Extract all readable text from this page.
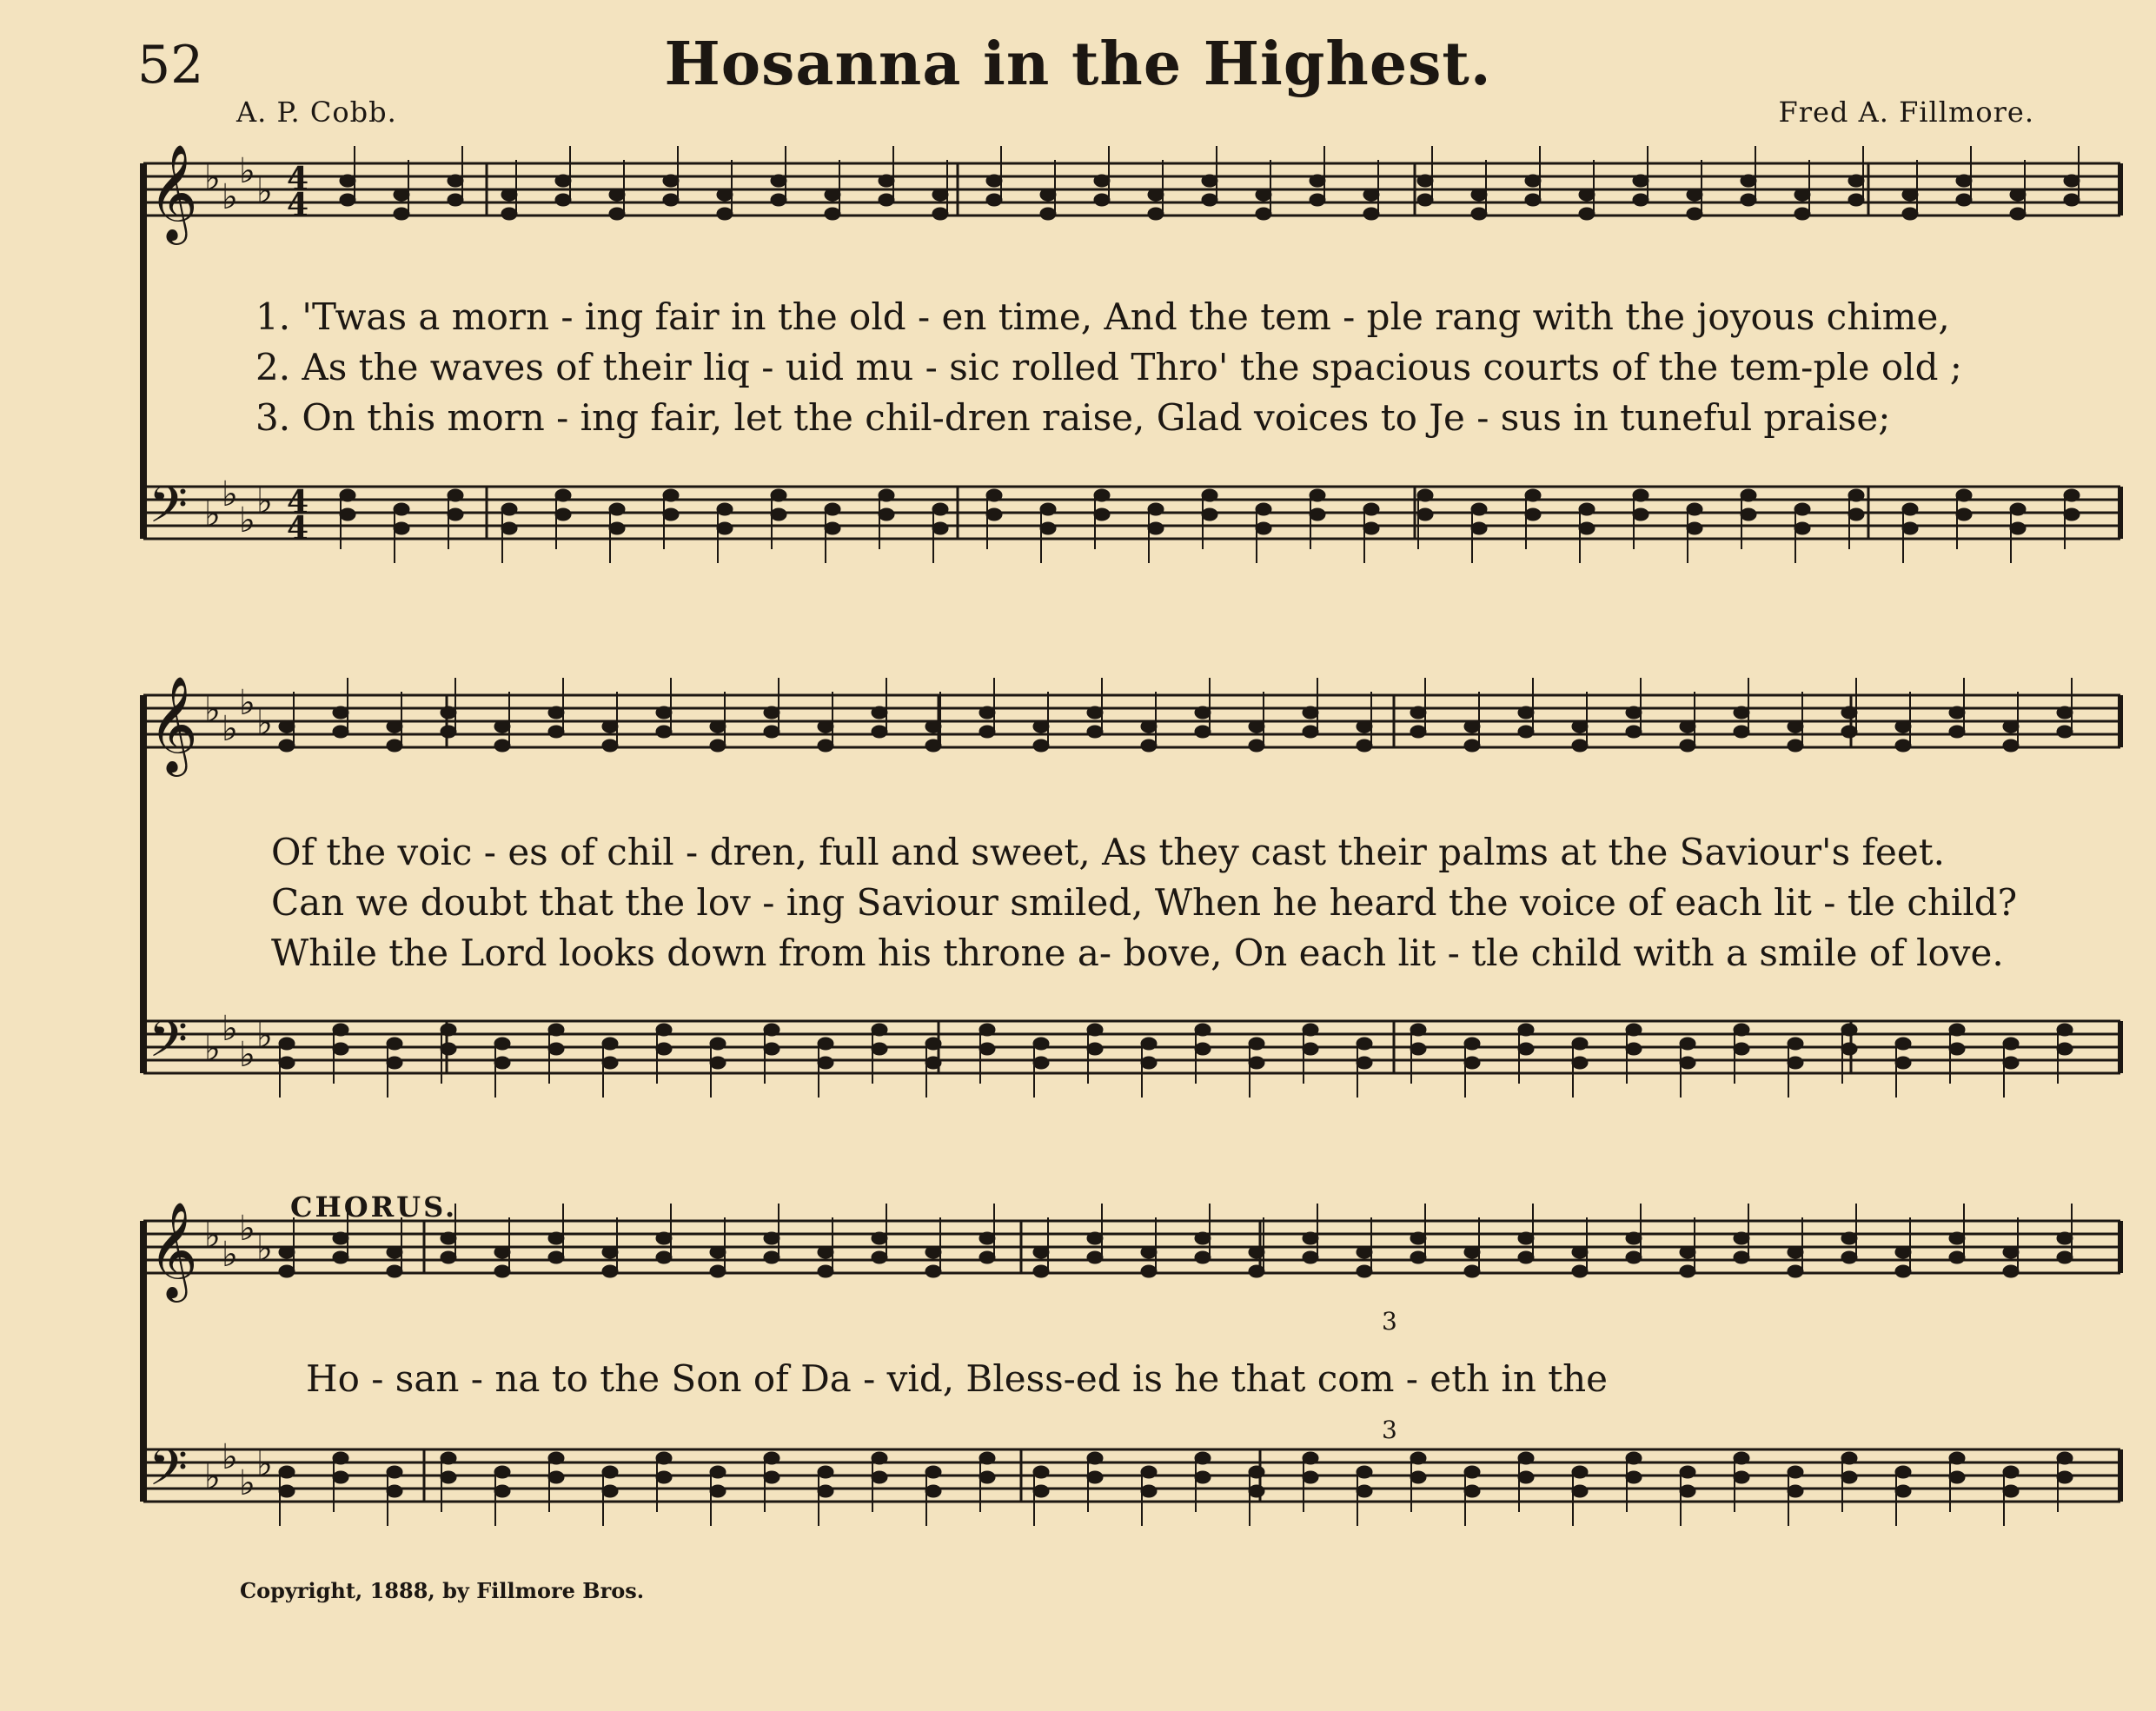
52	Hosanna in the Highest.
A. P. Cobb.	Fred A. Fillmore.
𝄞 ♭ ♭
♭ ♭ 4
4
𝄢 ♭ ♭
♭ ♭ 4
4
𝄞 ♭ ♭
♭ ♭
𝄢 ♭ ♭
♭ ♭
𝄞 ♭ ♭
♭ ♭
𝄢 ♭ ♭
♭ ♭
3
3
1. 'Twas a morn - ing fair in the old - en time, And the tem - ple rang with the joyous chime,
2. As the waves of their liq - uid mu - sic rolled Thro' the spacious courts of the tem-ple old ;
3. On this morn - ing fair, let the chil-dren raise, Glad voices to Je - sus in tuneful praise;
Of the voic - es of chil - dren, full and sweet, As they cast their palms at the Saviour's feet.
Can we doubt that the lov - ing Saviour smiled, When he heard the voice of each lit - tle child?
While the Lord looks down from his throne a- bove, On each lit - tle child with a smile of love.
CHORUS.
Ho - san - na to the Son of Da - vid, Bless-ed is he that com - eth in the
Copyright, 1888, by Fillmore Bros.
